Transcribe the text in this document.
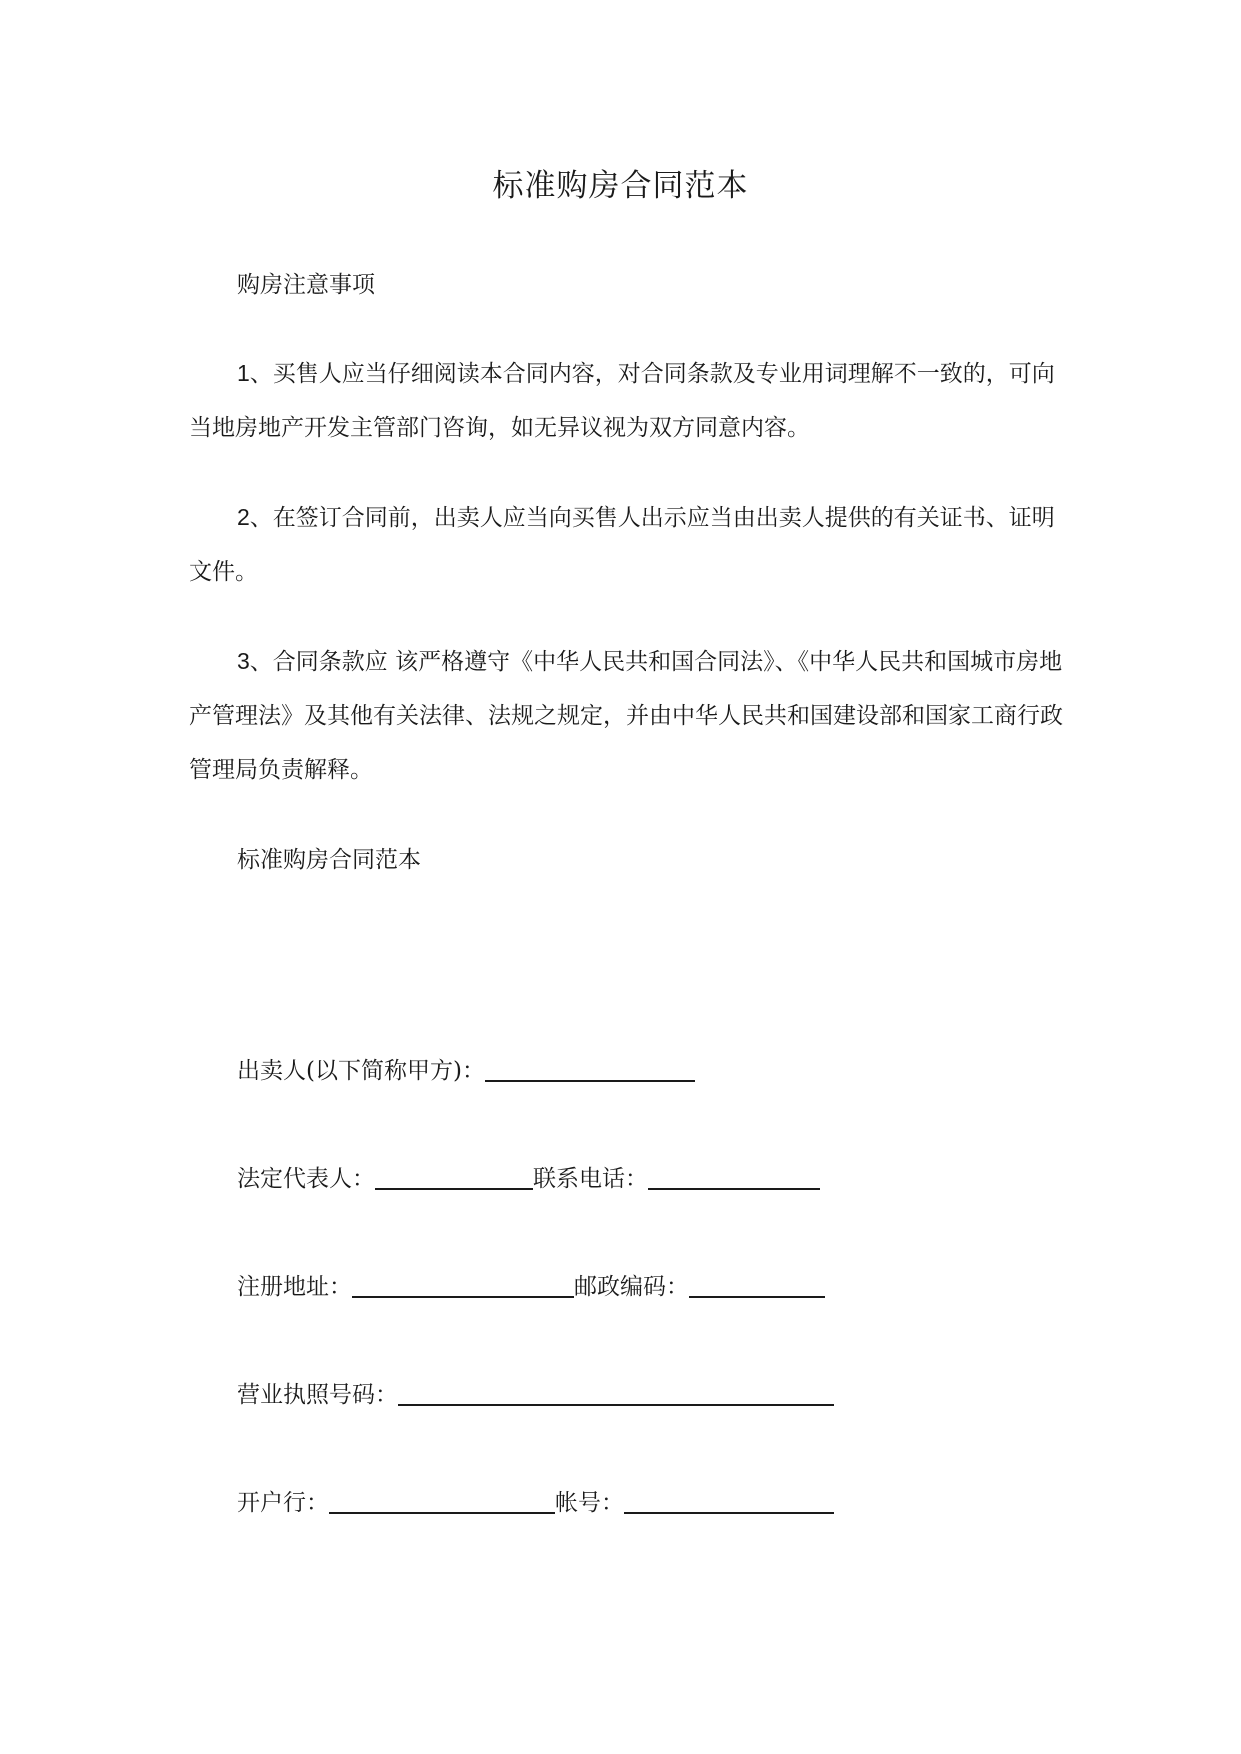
标准购房合同范本
购房注意事项
1、买售人应当仔细阅读本合同内容，对合同条款及专业用词理解不一致的，可向当地房地产开发主管部门咨询，如无异议视为双方同意内容。
2、在签订合同前，出卖人应当向买售人出示应当由出卖人提供的有关证书、证明文件。
3、合同条款应 该严格遵守《中华人民共和国合同法》、《中华人民共和国城市房地产管理法》及其他有关法律、法规之规定，并由中华人民共和国建设部和国家工商行政管理局负责解释。
标准购房合同范本
出卖人(以下简称甲方)：
法定代表人：	联系电话：
注册地址：	邮政编码：
营业执照号码：
开户行：	帐号：
